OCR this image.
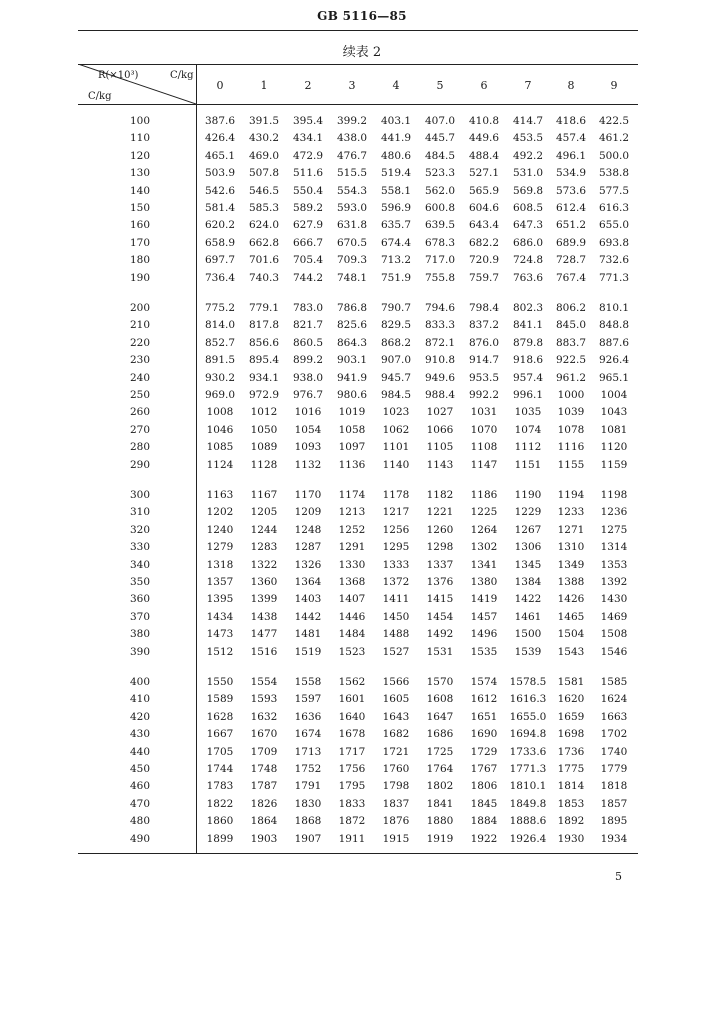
GB 5116—85
续表 2
R(×10³)	C/kg
C/kg
0	1	2	3	4	5	6	7	8	9
100	387.6	391.5	395.4	399.2	403.1	407.0	410.8	414.7	418.6	422.5
110	426.4	430.2	434.1	438.0	441.9	445.7	449.6	453.5	457.4	461.2
120	465.1	469.0	472.9	476.7	480.6	484.5	488.4	492.2	496.1	500.0
130	503.9	507.8	511.6	515.5	519.4	523.3	527.1	531.0	534.9	538.8
140	542.6	546.5	550.4	554.3	558.1	562.0	565.9	569.8	573.6	577.5
150	581.4	585.3	589.2	593.0	596.9	600.8	604.6	608.5	612.4	616.3
160	620.2	624.0	627.9	631.8	635.7	639.5	643.4	647.3	651.2	655.0
170	658.9	662.8	666.7	670.5	674.4	678.3	682.2	686.0	689.9	693.8
180	697.7	701.6	705.4	709.3	713.2	717.0	720.9	724.8	728.7	732.6
190	736.4	740.3	744.2	748.1	751.9	755.8	759.7	763.6	767.4	771.3
200	775.2	779.1	783.0	786.8	790.7	794.6	798.4	802.3	806.2	810.1
210	814.0	817.8	821.7	825.6	829.5	833.3	837.2	841.1	845.0	848.8
220	852.7	856.6	860.5	864.3	868.2	872.1	876.0	879.8	883.7	887.6
230	891.5	895.4	899.2	903.1	907.0	910.8	914.7	918.6	922.5	926.4
240	930.2	934.1	938.0	941.9	945.7	949.6	953.5	957.4	961.2	965.1
250	969.0	972.9	976.7	980.6	984.5	988.4	992.2	996.1	1000	1004
260	1008	1012	1016	1019	1023	1027	1031	1035	1039	1043
270	1046	1050	1054	1058	1062	1066	1070	1074	1078	1081
280	1085	1089	1093	1097	1101	1105	1108	1112	1116	1120
290	1124	1128	1132	1136	1140	1143	1147	1151	1155	1159
300	1163	1167	1170	1174	1178	1182	1186	1190	1194	1198
310	1202	1205	1209	1213	1217	1221	1225	1229	1233	1236
320	1240	1244	1248	1252	1256	1260	1264	1267	1271	1275
330	1279	1283	1287	1291	1295	1298	1302	1306	1310	1314
340	1318	1322	1326	1330	1333	1337	1341	1345	1349	1353
350	1357	1360	1364	1368	1372	1376	1380	1384	1388	1392
360	1395	1399	1403	1407	1411	1415	1419	1422	1426	1430
370	1434	1438	1442	1446	1450	1454	1457	1461	1465	1469
380	1473	1477	1481	1484	1488	1492	1496	1500	1504	1508
390	1512	1516	1519	1523	1527	1531	1535	1539	1543	1546
400	1550	1554	1558	1562	1566	1570	1574	1578.5	1581	1585
410	1589	1593	1597	1601	1605	1608	1612	1616.3	1620	1624
420	1628	1632	1636	1640	1643	1647	1651	1655.0	1659	1663
430	1667	1670	1674	1678	1682	1686	1690	1694.8	1698	1702
440	1705	1709	1713	1717	1721	1725	1729	1733.6	1736	1740
450	1744	1748	1752	1756	1760	1764	1767	1771.3	1775	1779
460	1783	1787	1791	1795	1798	1802	1806	1810.1	1814	1818
470	1822	1826	1830	1833	1837	1841	1845	1849.8	1853	1857
480	1860	1864	1868	1872	1876	1880	1884	1888.6	1892	1895
490	1899	1903	1907	1911	1915	1919	1922	1926.4	1930	1934
5
